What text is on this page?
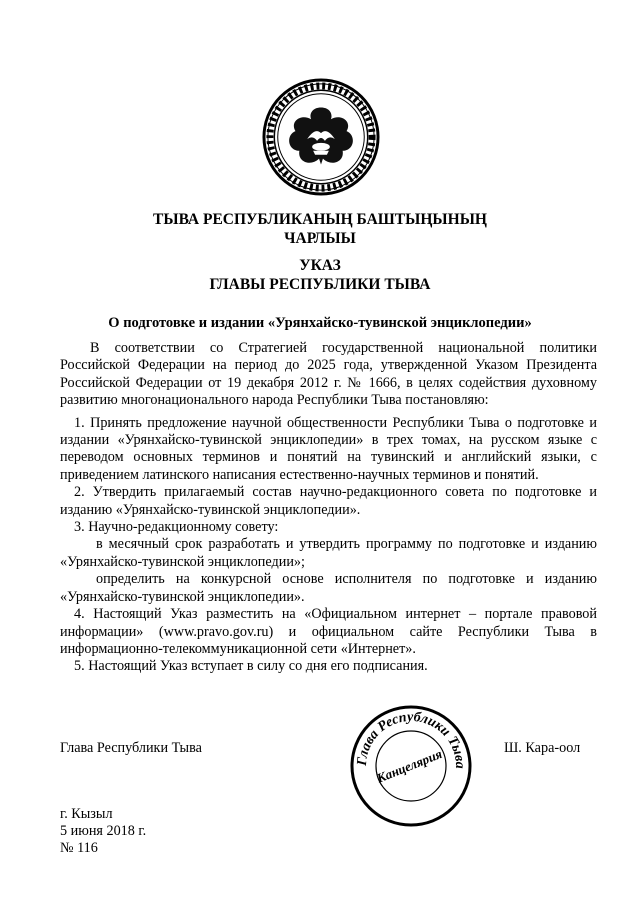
ТЫВА РЕСПУБЛИКАНЫҢ БАШТЫҢЫНЫҢ
ЧАРЛЫЫ
УКАЗ
ГЛАВЫ РЕСПУБЛИКИ ТЫВА
О подготовке и издании «Урянхайско-тувинской энциклопедии»

В соответствии со Стратегией государственной национальной политики Российской Федерации на период до 2025 года, утвержденной Указом Президента Российской Федерации от 19 декабря 2012 г. № 1666, в целях содействия духовному развитию многонационального народа Республики Тыва постановляю:

1. Принять предложение научной общественности Республики Тыва о подготовке и издании «Урянхайско-тувинской энциклопедии» в трех томах, на русском языке с переводом основных терминов и понятий на тувинский и английский языки, с приведением латинского написания естественно-научных терминов и понятий.

2. Утвердить прилагаемый состав научно-редакционного совета по подготовке и изданию «Урянхайско-тувинской энциклопедии».

3. Научно-редакционному совету:

в месячный срок разработать и утвердить программу по подготовке и изданию «Урянхайско-тувинской энциклопедии»;

определить на конкурсной основе исполнителя по подготовке и изданию «Урянхайско-тувинской энциклопедии».

4. Настоящий Указ разместить на «Официальном интернет – портале правовой информации» (www.pravo.gov.ru) и официальном сайте Республики Тыва в информационно-телекоммуникационной сети «Интернет».

5. Настоящий Указ вступает в силу со дня его подписания.

Глава Республики Тыва	Ш. Кара-оол
Глава Республики Тыва
Канцелярия
г. Кызыл
5 июня 2018 г.
№ 116
